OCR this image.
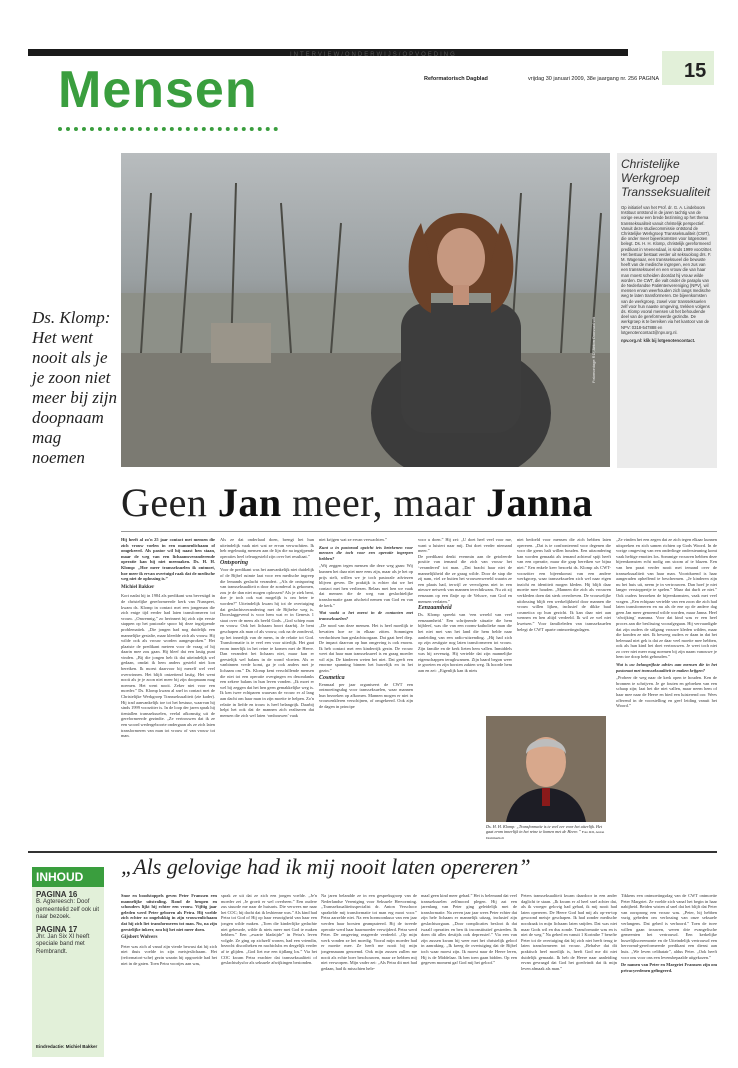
INTERVIEW/ONDERWIJS/OPVOEDING
Mensen	Reformatorisch Dagblad	vrijdag 30 januari 2009, 38e jaargang nr. 256 PAGINA 15
Fotomontage RD, Anton Dommerholt
Christelijke Werkgroep Transseksualiteit
Op initiatief van het Prof. dr. G. A. Lindeboom Instituut ontstond in de jaren tachtig van de vorige eeuw een brede bezinning op het thema transseksualiteit vanuit christelijk perspectief. Vanuit deze studiecommissie ontstond de Christelijke Werkgroep Transseksualiteit (CWT), die onder meer bijeenkomsten voor lotgenoten belegt. Ds. H. H. Klomp, christelijk gereformeerd predikant in Veenendaal, is sinds 1999 voorzitter. Het bestuur bestaat verder uit seksuoloog drs. F. M. Wagenaar, een transseksueel die bewuste heeft van de medische ingrepen, een zus van een transseksueel en een vrouw die van haar man moest scheiden doordat hij vrouw wilde worden. De CWT, die valt onder de paraplu van de Nederlandse Patiëntenvereniging (NPV), wil mensen ervan weerhouden zich langs medische weg te laten transformeren. De bijeenkomsten van de werkgroep, zowel voor transseksuelen zelf voor hun naaste omgeving, trekken volgens ds. Klomp vooral mensen uit het behoudende deel van de gereformeerde gezindte. De werkgroep is te bereiken via het kantoor van de NPV: 0318-547888 en lotgenotencontact@npv.org.nl.
npv.org.nl: klik bij lotgenotencontact.
Ds. Klomp: Het went nooit als je je zoon niet meer bij zijn doopnaam mag noemen
Geen Jan meer, maar Janna
Hij heeft al zo'n 25 jaar contact met mensen die zich vrouw voelen in een mannenlichaam of omgekeerd. Als pastor wil hij naast hen staan, maar de weg van een lichaamsveranderende operatie kan hij niet meemaken. Ds. H. H. Klomp: „Hoe meer transseksuelen ik ontmoet, hoe meer ik ervan overtuigd raak dat de medische weg niet de oplossing is.”
Michiel Bakker
Kort nadat hij in 1984 als predikant was bevestigd in de christelijke gereformeerde kerk van Nunspeet, kwam ds. Klomp in contact met een jongeman die zich enige tijd eerder had laten transformeren tot vrouw. „Onwennig,” zo herinnert hij zich zijn eerste stappen op het pastorale spoor bij deze ingrijpende problematiek. „Die jongen had nog duidelijk een mannelijke gestalte, maar kleedde zich als vrouw. Hij wilde ook als vrouw worden aangesproken.” Het plaatste de predikant meteen voor de vraag of hij daarin mee zou gaan. Hij bleef dat een lastig punt vinden. „Bij die jongen heb ik dat uiteindelijk wel gedaan, omdat ik hem anders gesteld niet kon bereiken. Ik moest daarvoor bij mezelf wel veel overwinnen. Het blijft ontzettend lastig. Het went nooit als je je zoon niet meer bij zijn doopnaam mag noemen. Het went nooit. Zeker niet voor een moeder.” Ds. Klomp kwam al snel in contact met de Christelijke Werkgroep Transseksualiteit (zie kader). Hij trad aanvankelijk toe tot het bestuur, waarvan hij sinds 1999 voorzitter is. In de loop der jaren sprak hij tientallen transseksuelen, veelal afkomstig uit de gereformeerde gezindte. „Ze vertrouwen dat ik ze een woord wedergeboorte ondergaan als ze zich laten transformeren van man tot vrouw of van vrouw tot man.
Als ze dat onderlaad doen, brengt het hun uiteindelijk vaak niet wat ze ervan verwachtten. Ik heb regelmatig mensen aan de lijn die na ingrijpende operaties heel teleurgesteld zijn over het resultaat.”
Ontsporing
Voor de predikant was het aanvankelijk niet duidelijk of de Bijbel ruimte laat voor een medische ingreep die lemands geslacht verandert. „Als de ontsporing van transseksualiteit n door de zondeval is gekomen, zou je de dan niet mogen oplossen? Als je ziek bent, doe je toch ook wat mogelijk is om beter te worden?” Uiteindelijk kwam hij tot de overtuiging dat geslachtsverandering met de Bijbelse weg is. Doorslaggevend is voor hem wat er in Genesis 1 staat over de mens als beeld Gods. „God schiep man en vrouw. Ook het lichaam hoort daarbij. Je bent geschapen als man of als vrouw, ook na de zondeval, op het innerlijk van de mens, in de relatie tot God. Transformatie is te veel een voor uiterlijk. Het gaat erom innerlijk in het reine te komen met de Heere. Dan verandert het lichaam niet, maar kan er geestelijk wel balans in de wond vloeien. Als er vanbinnen vrede komt, ga je ook anders met je lichaam om.” Ds. Klomp kent verschillende mensen die niet tot een operatie overgingen en desondanks een zekere balans in hun leven vonden. „Ik moet er wel bij zeggen dat het hen geen gemakkelijke weg is. Ik ken twee echtparen waarvan de vrouw er al lang aan dacht om haar man in zijn moeite te helpen. Zo'n relatie in liefde en trouw is heel belangrijk. Daarbij helpt het ook dat de mannen zich realiseren dat mensen die zich wel laten ‘ombouwen’ vaak
niet krijgen wat ze ervan verwachten.”
Kunt u in pastoraal opzicht iets betekenen voor mensen die toch voor een operatie ingrepen hebben?
„Wij zeggen tegen mensen die deze weg gaan: Wij kunnen het daar niet mee eens zijn, maar als je het op prijs stelt, willen we je toch pastorale adviezen blijven geven. De praktijk is echter dat we het contact met hen verliezen. Relaas met hen we vaak dat mensen die de weg van geslachtelijke transformatie gaan afscheid nemen van God en van de kerk.”
Wat vaakt u het meest in de contacten met transseksuelen?
„De nood van deze mensen. Het is heel moeilijk te bevatten hoe ze in elkaar zitten. Sommigen verduchtsen hun geslachtsorgaan. Dat gaat heel diep. De impact daarvan op hun omgeving is ook enorm. Ik heb contact met een kinderrijk gezin. De vrouw weet dat haar man transseksueel is en graag moeder wil zijn. De kinderen weten het niet. Dat geeft een enorme spanning binnen het huwelijk en in het gezin.”
Cosmetica
Eenmaal per jaar organiseert de CWT een ontmoetingsdag voor transseksuelen, waar mannen hun bezoeken op afkomen. Mannen mogen er niet in vrouwenkleren verschijnen, of omgekeerd. Ook zijn de dagen in principe
voor u doen.” Hij zei: „U doet heel veel voor me, want u luistert naar mij. Dat doet verder niemand meer.”
De predikant denkt evenmin aan de getoleerde positie van iemand die zich van vrouw het ‘verandered’ tot man. „Dat bracht haar niet de mannelijkheid die ze graag wilde. Door de stap die zij nam, viel ze buiten het vrouwenwereld waarin ze een plaats had, terwijl ze vervolgens niet in een nieuwe netwerk van mannen terechtkwam. Nu zit zij eenzaam op een flatje op de Veluwe, van God en mensen verlaten.”
Eenzaamheid
Ds. Klomp spreekt van ‘een wereld van veel eenzaamheid.’ Een schrijnende situatie die hem bijbleef, was die van een rooms-katholieke man die het niet met van het land die hem belde naar aanleiding van een radio-uitzending. „Hij had zich op zijn zestigste nog laten transformeren tot vrouw. Zijn familie en de kerk lieten hem vallen. Inmiddels was hij zevenzig. Hij vertelde dat zijn mannelijke eigenschappen terugkwamen. Zijn baard begon weer te groeien en zijn borsten zakten weg. Ik hoorde hem aan en zei: „Eigenlijk kan ik niets
niet bedoeld voor mensen die zich hebben laten opereren. „Dat is te confronterend voor degenen die voor die grens halt willen houden. Een uitzondering kan worden gemaakt als iemand achteraf spijt heeft van een operatie, maar die grap bereiken we bijna niet.” Een enkele keer bezoekt ds. Klomp als CWT-voorzitter een bijeenkomst van een andere werkgroep, waar transseksuelen zich wel naar eigen inzicht en identiteit mogen kleden. Hij blijft daar moeite mee houden. „Mannen die zich als vrouwen verkleden doen dat sterk overdreven. De vrouwelijke uitdossing blijft een werkelijkheid door mannen die vrouw willen lijken, inclusief de dikke baal cosmetica op hun gezicht. Ik kan daar niet aan wennen en hen altijd verdeeld. Ik wil ze wel niet kwetsen.” Voor familieleden van transseksuelen belegt de CWT aparte ontmoetingsdagen.
„Ze vinden het een zegen dat ze zich tegen elkaar kunnen uitspreken en zich samen richten op Gods Woord. In de vorige omgeving van een onderlinge ondersteuning komt vaak heftige emoties los. Sommige vrouwen hebben deze bijeenkomsten echt nodig om stoom af te blazen. Een van hen praat verder nooit met iemand over de transseksualiteit van haar man. Voortdurend is haar aangeraden opheffend te beschermen. „Je kinderen zijn nu het huis uit, neem je in vertrouwen. Dan hoef je niet langer verstoppertje te spelen.” Maar dat durft ze niet.” Ook ouders bezoeken de bijeenkomsten, vaak met veel vragen. „Een echtpaar vertelde van een zoon die zich had laten transformeren en nu als de ene op de andere dag geen Jan meer genoemd wilde worden, maar Janna. Heel ‘afwijking’ mamma. Voor dat kind was er een heel proces aan die beslissing voorafgegaan. Hij vervaardigde dat zijn ouders de stilgang vrouwe kleden wilden, maar die konden ze niet. Ik beweeg ouders er daan in dat het belemaal niet gek is dat ze daar veel moeite mee hebben, ook als hun kind het doet vertrouwen. Je weet toch niet zo over niet meer mag noemen bij zijn naam vanouwe je hem toe doop hebt gehouden.”
Wat is uw belangrijkste advies aan mensen die in het pastoraat met transseksualiteit te maken krijgen?
„Probeer de weg naar de kerk open te houden. Ken de bronnen te schrijven. Je ge fouten en gebreken van een schaap zijn; laat het die niet vallen, maar neem hem of haar mee naar de Heere en bied een luisterend oor. Wees offerend in de voorstelling en geef leiding vanuit het Woord.”
Ds. H. H. Klomp: „Transformatie is te veel eer voor het uiterlijk. Het gaat erom innerlijk in het reine te komen met de Heere.” Foto RD, Anton Dommerholt
„Als gelovige had ik mij nooit laten opereren”
INHOUD
PAGINA 16
B. Agtereesch: Doof gemeentelid zelf ook uit naar bezoek.
PAGINA 17
Jhr. Jan Six XI heeft speciale band met Rembrandt.
Eindredactie: Michiel Bakker
Snoe en boodstoppels geven Peter Franssen een mannelijke uitstraling. Rond de heupen en schouders lijkt hij echter een vrouw. Vijftig jaar geleden werd Peter geboren als Petra. Hij voelde zich echter zo ongelukkig in zijn vrouwenlichaam dat hij zich liet transformeren tot man. Nu, na zijn geestelijke inkeer, zou hij het niet meer doen.
Gijsbert Wolvers
Peter was zich al vanaf zijn vierde bewust dat hij zich niet thuis voelde in zijn meisjeslichaam. Het (reformatori-sche) gezin waarin hij opgroeide had het niet in de gaten. Toen Petra voortjes aan was,
sprak ze uit dat ze zich een jongen voelde. „Je'n moeder zei ‚Je groeit er wel overheen.” Een oudere zus stuurde me naar de huisarts. Die verwees me naar het COC; hij dacht dat ik lesbienne was.” Als kind had Petra tot God of Hij op haar eeuwigheid van haar een jongen wilde maken. „Toen die kinderlijke gedachte niet gebeurde, wilde ik niets meer met God te maken hebben.” Een „zwarte bladzijde” in Petra's leven volgde. Ze ging op zichzelf wonen, had een vriendin, bezocht discotheken en nachtclubs en dergelijk verder af te glijden. „God liet me een tijdlang los.” Via het COC kwam Petra erachter dat transseksualiteit of geslachtsdysfor als seksuele afwijkingen bestonden.
Na jaren belandde ze in een gespreksgroep van de Nederlandse Vereniging voor Seksuele Hervorming. „Transseksualiteitsspecialist dr. Anton Verschoor sprakelde mij transformatie tot man erg mooi voor.” Petra aarzelde niet. Na een hormoonkuur van een jaar werden haar borsten geamputeerd. Bij de tweede operatie werd haar baarmoeder verwijderd. Petra werd Peter. De omgeving reageerde verdeeld. „Op mijn werk vonden ze het moedig. Vooral mijn moeder had er moeite mee. Ze heeft me nooit bij mijn jongensnaam genoemd. Ook mijn zussen zullen me nooit als echte boer beschouwen, maar ze hebben mij niet verworpen. Mijn vader zei: „Als Petra dit met had gedaan, had ik misschien hele-
maal geen kind meer gehad.” Het is belemand dat veel transseksuelen zelfmoord plegen. Hij zat een jarenlang van Peter ging geleidelijk met de transformatie. Na zeven jaar jaar wees Peter echter dat zijn hele lichaam er mannelijk uitzag, inclusief zijn geslachtsorgaan. „Door complicaties besloot ik dat twaalf operaties en ben ik inconstitutief gestreden. Ik doen dit alles destijds ook depressief.” Via een van zijn zussen kwam hij weer met het christelijk geloof in aanraking. „Ik kreeg de overtuiging dat de Bijbel toch waar moest zijn. Ik moest naar de Heere leren, Hij is de Middelaar. Ik ben toen gaan bidden. Op een gegeven moment gaf God mij het geloof.”
Peters transseksualiteit kwam daardoor in een ander daglicht te staan. „Ik kwam er al heel snel achter dat, als ik vroeger gelovig had gehad, ik mij nooit had laten opereren. De Heere God had mij als op-en-top gewoond meisje geschapen. Ik had zonder medische noodzaak in mijn lichaam laten snijden. Dat was niet maar Gods wil en dus zonde. Transformatie was en is niet de weg.” Na gebed en vanuit 1 Korinthe 7 besefte Peter tot de overtuiging dat hij zich niet heeft terug te laten transformeren tot vrouw. „Behalve dat dit praktisch heel moeilijk is, heeft God me dit niet duidelijk gemaakt. Ik heb de Heere naar aanleiding ervan gevraagd dat God het goedvindt dat ik mijn leven afmaak als man.”
Tikkens een ontmoetingsdag van de CWT ontmoette Peter Margriet. Ze voelde zich vanaf het begin in haar nabijheid. Beiden wisten al snel dat het blijft dat Peter van oorsprong een vrouw was. „Peter, hij hebben vurig gebeden om verlossing van onze seksuele verlangens. Dat gebed is verhoord.” Toen de twee willen gaan trouwen, weren drie evangelische gemeenten het vertrouwd. Een kerkelijke huwelijksceremonie en de Uiteindelijk vertrouwd een hervormd-gereformeerde predikant een dienst aan huis. „We leven celibatair”, aldus Peter. „Ook heeft voor ons voor ons een levensbepaalde uitgekozen.”
De namen van Peter en Margriet Franssen zijn om privacyredenen gefingeerd.
